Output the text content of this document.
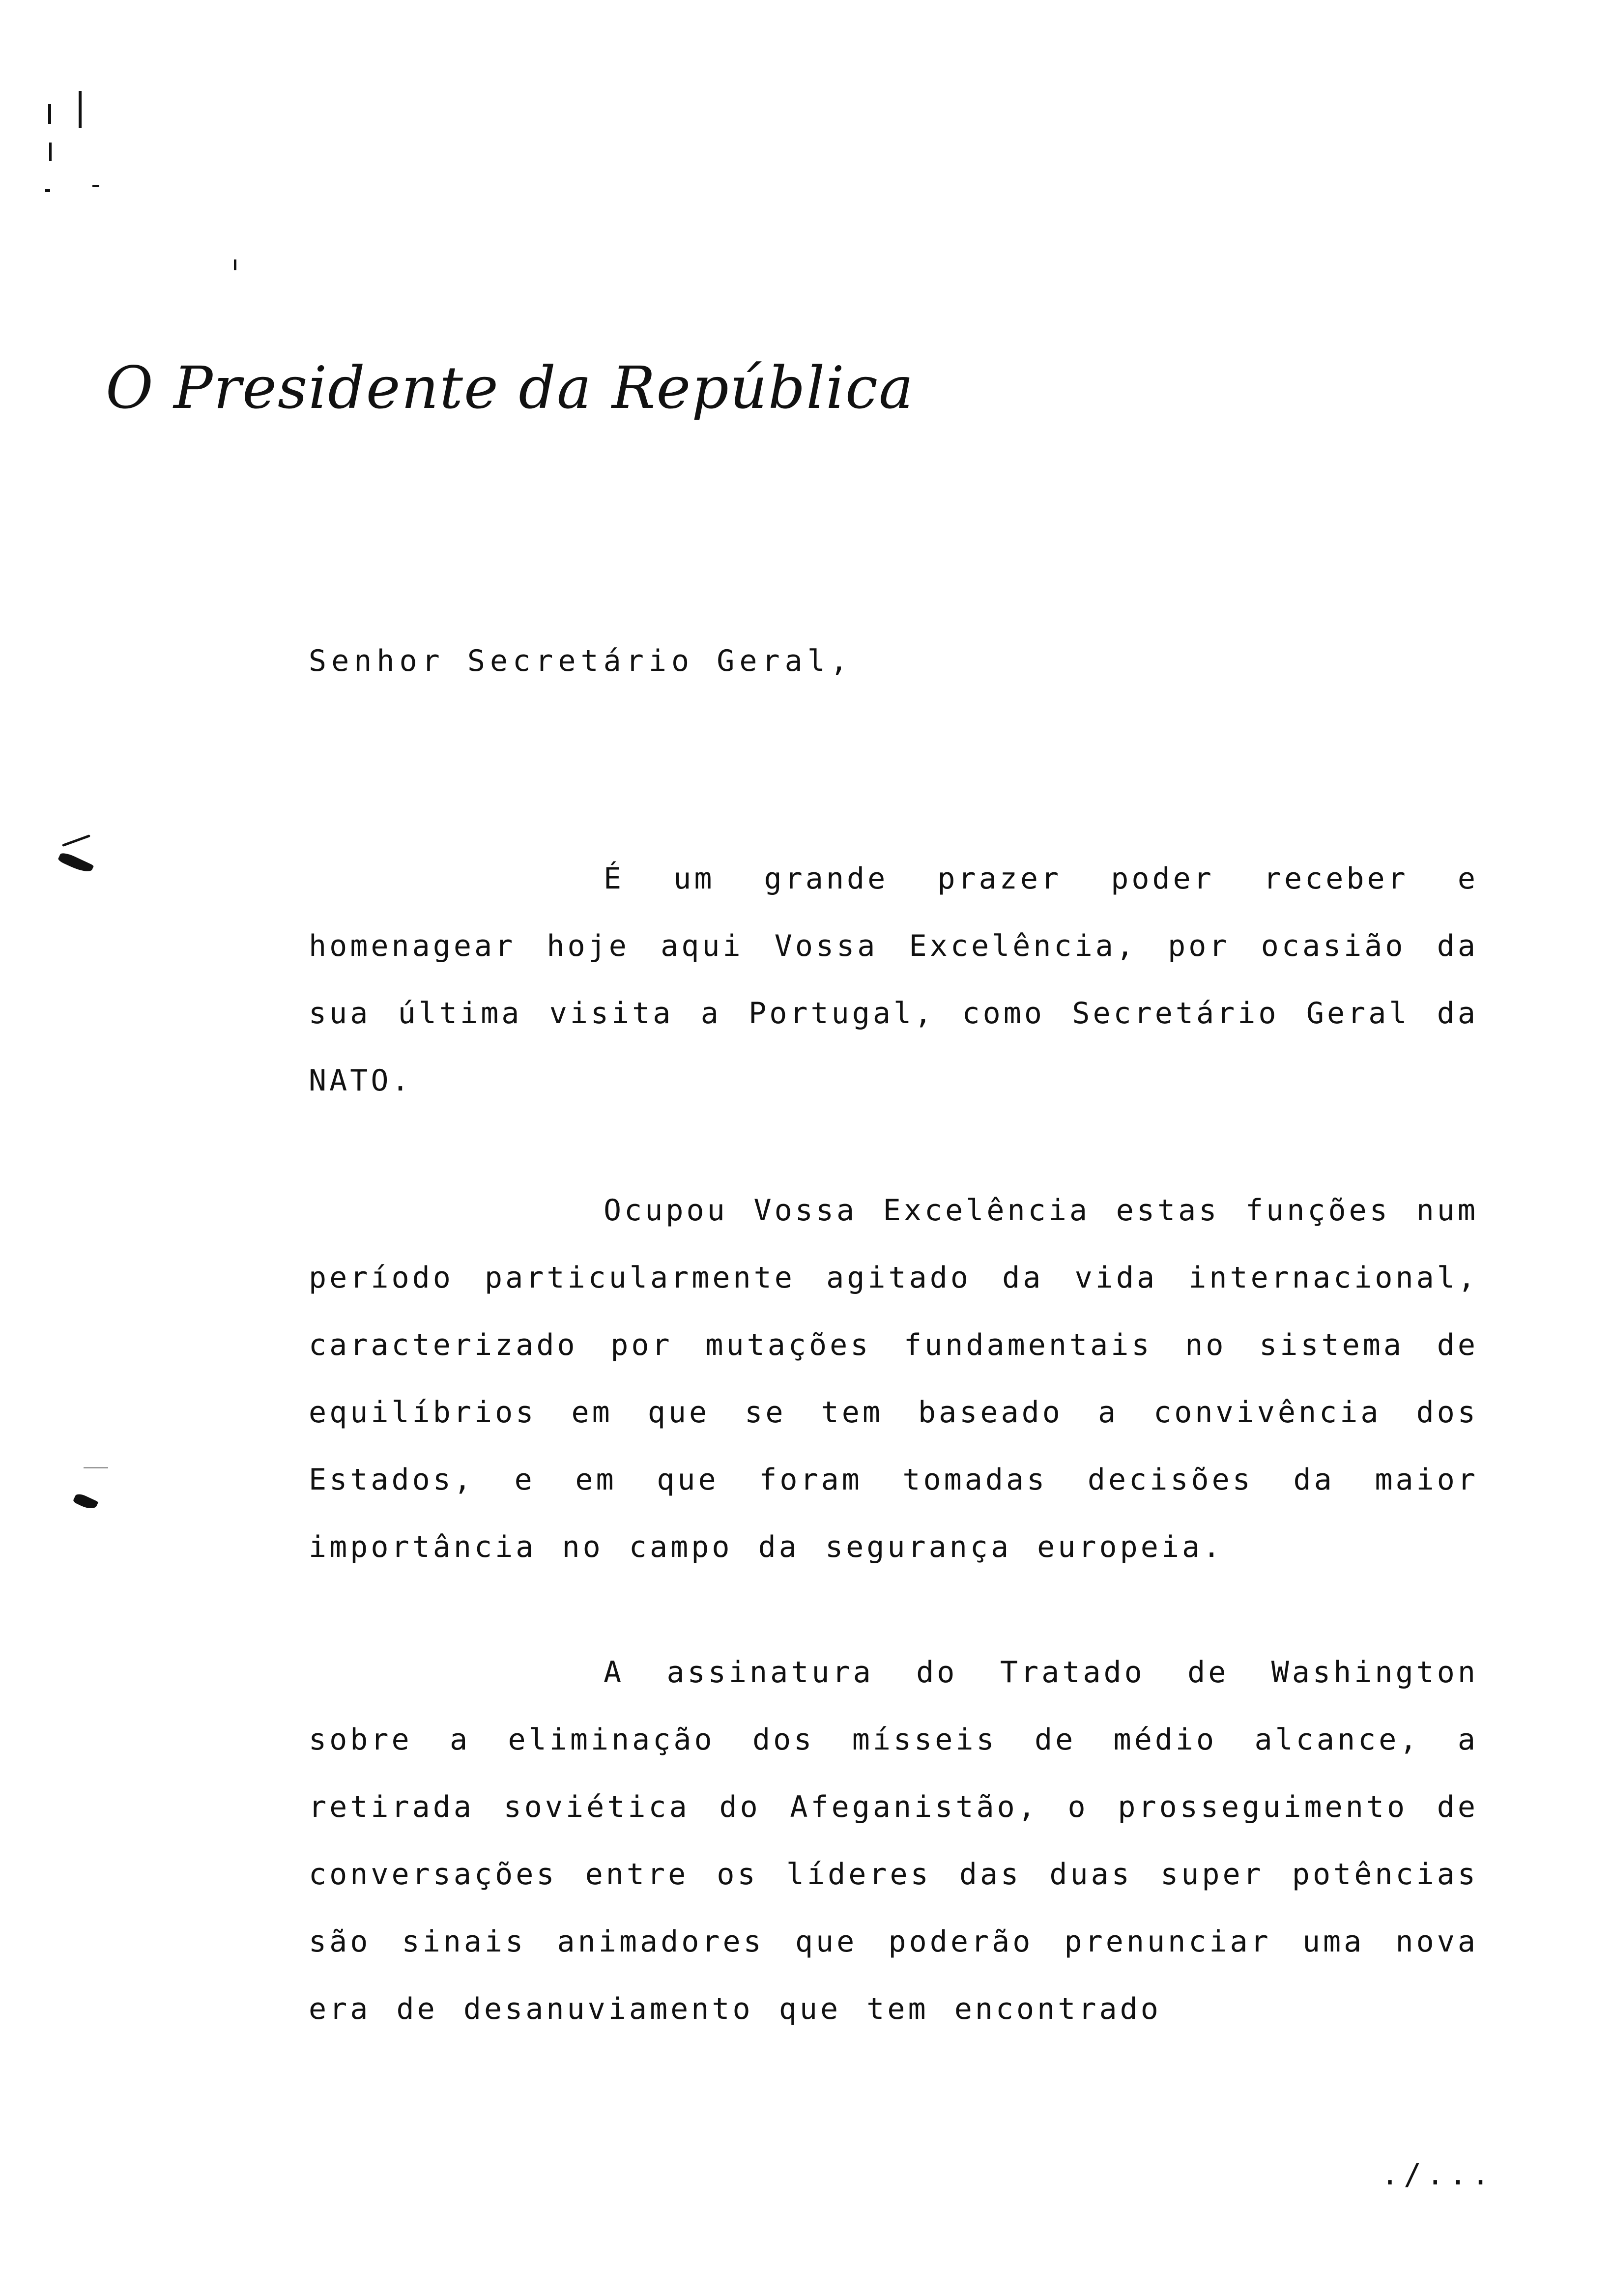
O Presidente da República
Senhor Secretário Geral,
É um grande prazer poder receber e homenagear hoje aqui Vossa Excelência, por ocasião da sua última visita a Portugal, como Secretário Geral da NATO.
Ocupou Vossa Excelência estas funções num período particularmente agitado da vida internacional, caracterizado por mutações fundamentais no sistema de equilíbrios em que se tem baseado a convivência dos Estados, e em que foram tomadas decisões da maior importância no campo da segurança europeia.
A assinatura do Tratado de Washington sobre a eliminação dos mísseis de médio alcance, a retirada soviética do Afeganistão, o prosseguimento de conversações entre os líderes das duas super potências são sinais animadores que poderão prenunciar uma nova era de desanuviamento que tem encontrado
./...
